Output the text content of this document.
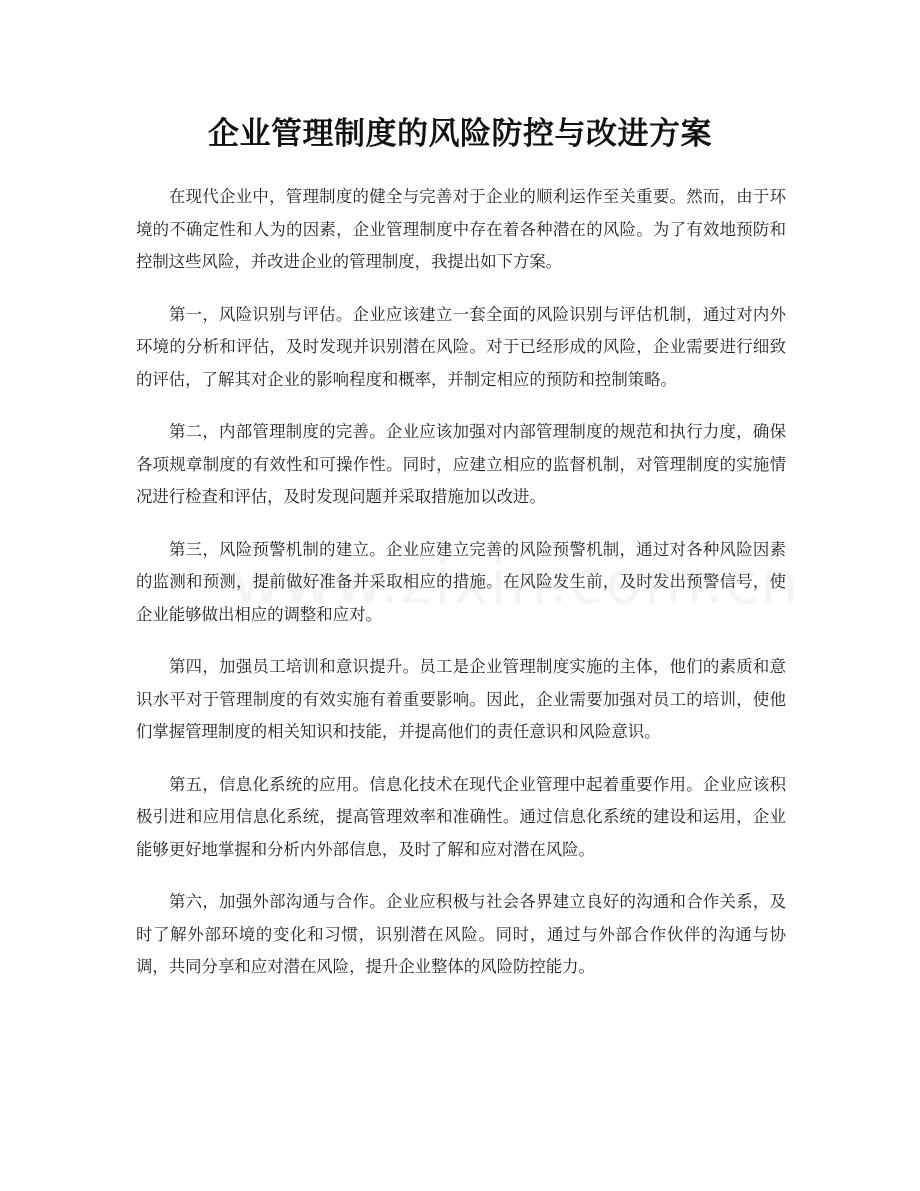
企业管理制度的风险防控与改进方案

在现代企业中，管理制度的健全与完善对于企业的顺利运作至关重要。然而，由于环境的不确定性和人为的因素，企业管理制度中存在着各种潜在的风险。为了有效地预防和控制这些风险，并改进企业的管理制度，我提出如下方案。

第一，风险识别与评估。企业应该建立一套全面的风险识别与评估机制，通过对内外环境的分析和评估，及时发现并识别潜在风险。对于已经形成的风险，企业需要进行细致的评估，了解其对企业的影响程度和概率，并制定相应的预防和控制策略。

第二，内部管理制度的完善。企业应该加强对内部管理制度的规范和执行力度，确保各项规章制度的有效性和可操作性。同时，应建立相应的监督机制，对管理制度的实施情况进行检查和评估，及时发现问题并采取措施加以改进。

第三，风险预警机制的建立。企业应建立完善的风险预警机制，通过对各种风险因素的监测和预测，提前做好准备并采取相应的措施。在风险发生前，及时发出预警信号，使企业能够做出相应的调整和应对。

第四，加强员工培训和意识提升。员工是企业管理制度实施的主体，他们的素质和意识水平对于管理制度的有效实施有着重要影响。因此，企业需要加强对员工的培训，使他们掌握管理制度的相关知识和技能，并提高他们的责任意识和风险意识。

第五，信息化系统的应用。信息化技术在现代企业管理中起着重要作用。企业应该积极引进和应用信息化系统，提高管理效率和准确性。通过信息化系统的建设和运用，企业能够更好地掌握和分析内外部信息，及时了解和应对潜在风险。

第六，加强外部沟通与合作。企业应积极与社会各界建立良好的沟通和合作关系，及时了解外部环境的变化和习惯，识别潜在风险。同时，通过与外部合作伙伴的沟通与协调，共同分享和应对潜在风险，提升企业整体的风险防控能力。
